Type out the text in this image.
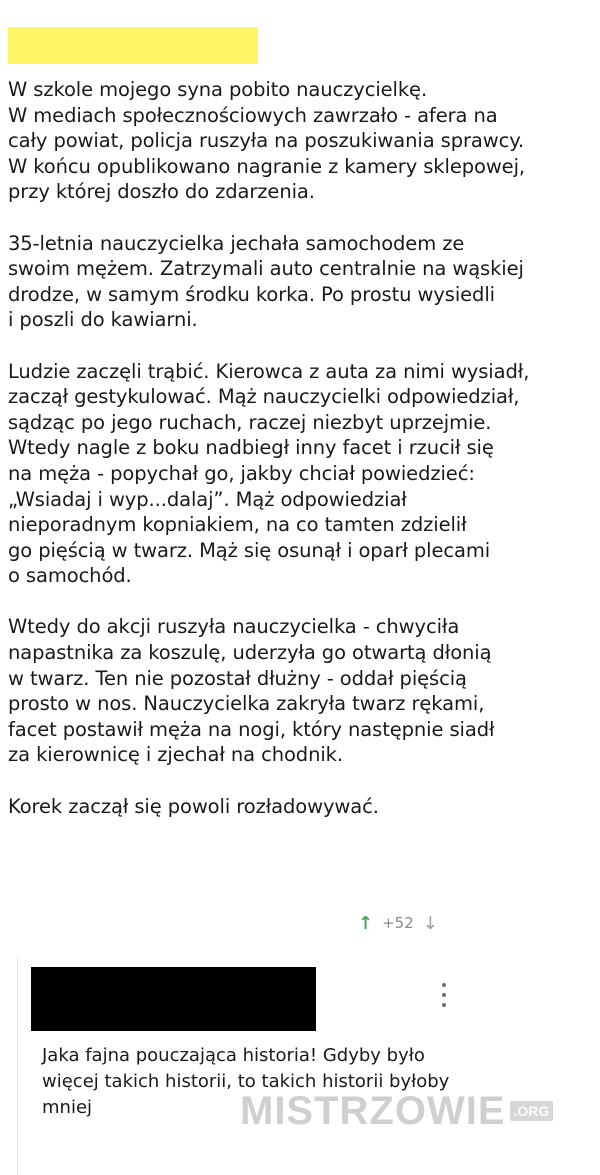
W szkole mojego syna pobito nauczycielkę.
W mediach społecznościowych zawrzało - afera na
cały powiat, policja ruszyła na poszukiwania sprawcy.
W końcu opublikowano nagranie z kamery sklepowej,
przy której doszło do zdarzenia.

35-letnia nauczycielka jechała samochodem ze
swoim mężem. Zatrzymali auto centralnie na wąskiej
drodze, w samym środku korka. Po prostu wysiedli
i poszli do kawiarni.

Ludzie zaczęli trąbić. Kierowca z auta za nimi wysiadł,
zaczął gestykulować. Mąż nauczycielki odpowiedział,
sądząc po jego ruchach, raczej niezbyt uprzejmie.
Wtedy nagle z boku nadbiegł inny facet i rzucił się
na męża - popychał go, jakby chciał powiedzieć:
„Wsiadaj i wyp...dalaj”. Mąż odpowiedział
nieporadnym kopniakiem, na co tamten zdzielił
go pięścią w twarz. Mąż się osunął i oparł plecami
o samochód.

Wtedy do akcji ruszyła nauczycielka - chwyciła
napastnika za koszulę, uderzyła go otwartą dłonią
w twarz. Ten nie pozostał dłużny - oddał pięścią
prosto w nos. Nauczycielka zakryła twarz rękami,
facet postawił męża na nogi, który następnie siadł
za kierownicę i zjechał na chodnik.

Korek zaczął się powoli rozładowywać.

↑ +52 ↓
Jaka fajna pouczająca historia! Gdyby było
więcej takich historii, to takich historii byłoby
mniej	MISTRZOWIE .ORG
